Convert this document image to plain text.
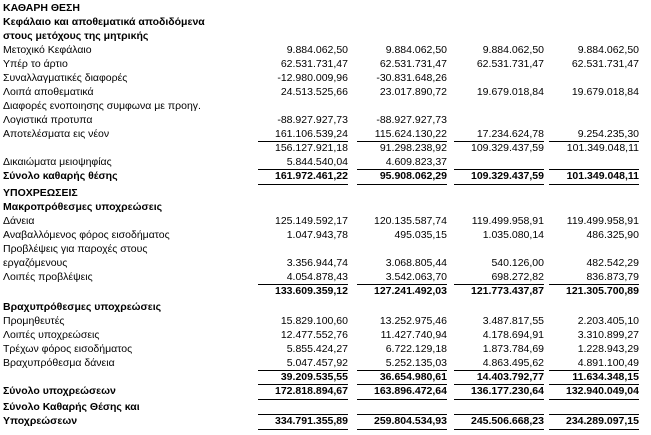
ΚΑΘΑΡΗ ΘΕΣΗ
Κεφάλαιο και αποθεματικά αποδιδόμενα
στους μετόχους της μητρικής
Μετοχικό Κεφάλαιο	9.884.062,50	9.884.062,50	9.884.062,50	9.884.062,50
Υπέρ το άρτιο	62.531.731,47	62.531.731,47	62.531.731,47	62.531.731,47
Συναλλαγματικές διαφορές	-12.980.009,96	-30.831.648,26
Λοιπά αποθεματικά	24.513.525,66	23.017.890,72	19.679.018,84	19.679.018,84
Διαφορές ενοποιησης συμφωνα με προηγ.
Λογιστικά προτυπα	-88.927.927,73	-88.927.927,73
Αποτελέσματα εις νέον	161.106.539,24	115.624.130,22	17.234.624,78	9.254.235,30
156.127.921,18	91.298.238,92	109.329.437,59	101.349.048,11
Δικαιώματα μειοψηφίας	5.844.540,04	4.609.823,37
Σύνολο καθαρής θέσης	161.972.461,22	95.908.062,29	109.329.437,59	101.349.048,11
ΥΠΟΧΡΕΩΣΕΙΣ
Μακροπρόθεσμες υποχρεώσεις
Δάνεια	125.149.592,17	120.135.587,74	119.499.958,91	119.499.958,91
Αναβαλλόμενος φόρος εισοδήματος	1.047.943,78	495.035,15	1.035.080,14	486.325,90
Προβλέψεις για παροχές στους
εργαζόμενους	3.356.944,74	3.068.805,44	540.126,00	482.542,29
Λοιπές προβλέψεις	4.054.878,43	3.542.063,70	698.272,82	836.873,79
133.609.359,12	127.241.492,03	121.773.437,87	121.305.700,89
Βραχυπρόθεσμες υποχρεώσεις
Προμηθευτές	15.829.100,60	13.252.975,46	3.487.817,55	2.203.405,10
Λοιπές υποχρεώσεις	12.477.552,76	11.427.740,94	4.178.694,91	3.310.899,27
Τρέχων φόρος εισοδήματος	5.855.424,27	6.722.129,18	1.873.784,69	1.228.943,29
Βραχυπρόθεσμα δάνεια	5.047.457,92	5.252.135,03	4.863.495,62	4.891.100,49
39.209.535,55	36.654.980,61	14.403.792,77	11.634.348,15
Σύνολο υποχρεώσεων	172.818.894,67	163.896.472,64	136.177.230,64	132.940.049,04
Σύνολο Καθαρής Θέσης και
Υποχρεώσεων	334.791.355,89	259.804.534,93	245.506.668,23	234.289.097,15
